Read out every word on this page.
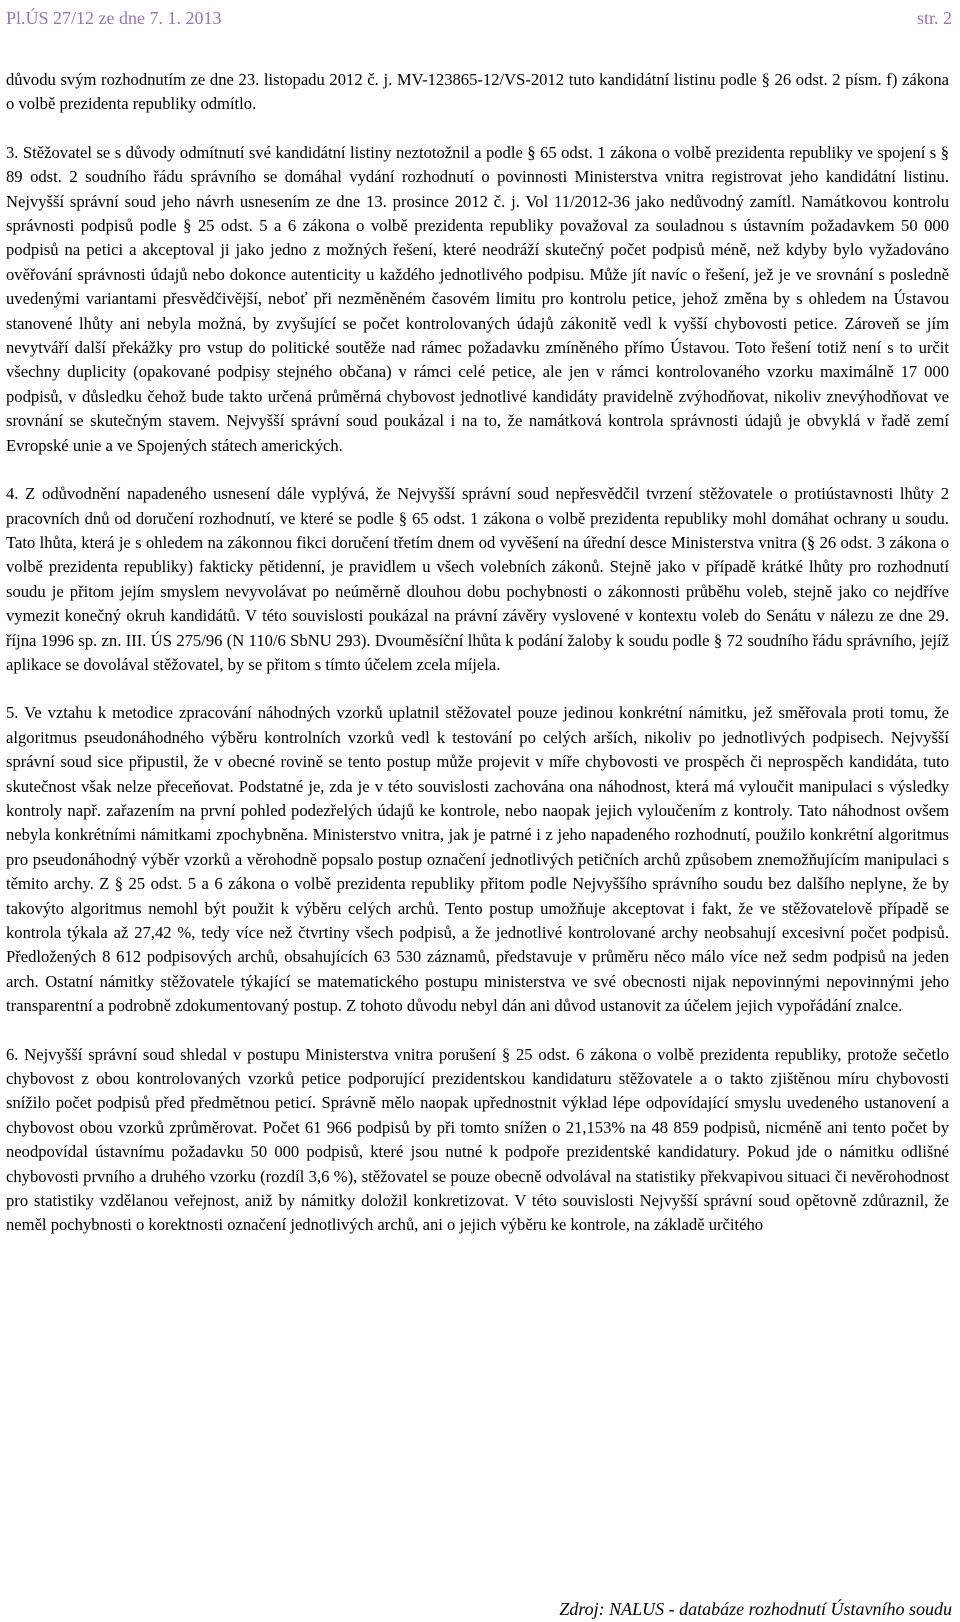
Pl.ÚS 27/12 ze dne 7. 1. 2013	str. 2

důvodu svým rozhodnutím ze dne 23. listopadu 2012 č. j. MV-123865-12/VS-2012 tuto kandidátní listinu podle § 26 odst. 2 písm. f) zákona o volbě prezidenta republiky odmítlo.

3. Stěžovatel se s důvody odmítnutí své kandidátní listiny neztotožnil a podle § 65 odst. 1 zákona o volbě prezidenta republiky ve spojení s § 89 odst. 2 soudního řádu správního se domáhal vydání rozhodnutí o povinnosti Ministerstva vnitra registrovat jeho kandidátní listinu. Nejvyšší správní soud jeho návrh usnesením ze dne 13. prosince 2012 č. j. Vol 11/2012-36 jako nedůvodný zamítl. Namátkovou kontrolu správnosti podpisů podle § 25 odst. 5 a 6 zákona o volbě prezidenta republiky považoval za souladnou s ústavním požadavkem 50 000 podpisů na petici a akceptoval ji jako jedno z možných řešení, které neodráží skutečný počet podpisů méně, než kdyby bylo vyžadováno ověřování správnosti údajů nebo dokonce autenticity u každého jednotlivého podpisu. Může jít navíc o řešení, jež je ve srovnání s posledně uvedenými variantami přesvědčivější, neboť při nezměněném časovém limitu pro kontrolu petice, jehož změna by s ohledem na Ústavou stanovené lhůty ani nebyla možná, by zvyšující se počet kontrolovaných údajů zákonitě vedl k vyšší chybovosti petice. Zároveň se jím nevytváří další překážky pro vstup do politické soutěže nad rámec požadavku zmíněného přímo Ústavou. Toto řešení totiž není s to určit všechny duplicity (opakované podpisy stejného občana) v rámci celé petice, ale jen v rámci kontrolovaného vzorku maximálně 17 000 podpisů, v důsledku čehož bude takto určená průměrná chybovost jednotlivé kandidáty pravidelně zvýhodňovat, nikoliv znevýhodňovat ve srovnání se skutečným stavem. Nejvyšší správní soud poukázal i na to, že namátková kontrola správnosti údajů je obvyklá v řadě zemí Evropské unie a ve Spojených státech amerických.

4. Z odůvodnění napadeného usnesení dále vyplývá, že Nejvyšší správní soud nepřesvědčil tvrzení stěžovatele o protiústavnosti lhůty 2 pracovních dnů od doručení rozhodnutí, ve které se podle § 65 odst. 1 zákona o volbě prezidenta republiky mohl domáhat ochrany u soudu. Tato lhůta, která je s ohledem na zákonnou fikci doručení třetím dnem od vyvěšení na úřední desce Ministerstva vnitra (§ 26 odst. 3 zákona o volbě prezidenta republiky) fakticky pětidenní, je pravidlem u všech volebních zákonů. Stejně jako v případě krátké lhůty pro rozhodnutí soudu je přitom jejím smyslem nevyvolávat po neúměrně dlouhou dobu pochybnosti o zákonnosti průběhu voleb, stejně jako co nejdříve vymezit konečný okruh kandidátů. V této souvislosti poukázal na právní závěry vyslovené v kontextu voleb do Senátu v nálezu ze dne 29. října 1996 sp. zn. III. ÚS 275/96 (N 110/6 SbNU 293). Dvouměsíční lhůta k podání žaloby k soudu podle § 72 soudního řádu správního, jejíž aplikace se dovolával stěžovatel, by se přitom s tímto účelem zcela míjela.

5. Ve vztahu k metodice zpracování náhodných vzorků uplatnil stěžovatel pouze jedinou konkrétní námitku, jež směřovala proti tomu, že algoritmus pseudonáhodného výběru kontrolních vzorků vedl k testování po celých arších, nikoliv po jednotlivých podpisech. Nejvyšší správní soud sice připustil, že v obecné rovině se tento postup může projevit v míře chybovosti ve prospěch či neprospěch kandidáta, tuto skutečnost však nelze přeceňovat. Podstatné je, zda je v této souvislosti zachována ona náhodnost, která má vyloučit manipulaci s výsledky kontroly např. zařazením na první pohled podezřelých údajů ke kontrole, nebo naopak jejich vyloučením z kontroly. Tato náhodnost ovšem nebyla konkrétními námitkami zpochybněna. Ministerstvo vnitra, jak je patrné i z jeho napadeného rozhodnutí, použilo konkrétní algoritmus pro pseudonáhodný výběr vzorků a věrohodně popsalo postup označení jednotlivých petičních archů způsobem znemožňujícím manipulaci s těmito archy. Z § 25 odst. 5 a 6 zákona o volbě prezidenta republiky přitom podle Nejvyššího správního soudu bez dalšího neplyne, že by takovýto algoritmus nemohl být použit k výběru celých archů. Tento postup umožňuje akceptovat i fakt, že ve stěžovatelově případě se kontrola týkala až 27,42 %, tedy více než čtvrtiny všech podpisů, a že jednotlivé kontrolované archy neobsahují excesivní počet podpisů. Předložených 8 612 podpisových archů, obsahujících 63 530 záznamů, představuje v průměru něco málo více než sedm podpisů na jeden arch. Ostatní námitky stěžovatele týkající se matematického postupu ministerstva ve své obecnosti nijak nepovinnými nepovinnými jeho transparentní a podrobně zdokumentovaný postup. Z tohoto důvodu nebyl dán ani důvod ustanovit za účelem jejich vypořádání znalce.

6. Nejvyšší správní soud shledal v postupu Ministerstva vnitra porušení § 25 odst. 6 zákona o volbě prezidenta republiky, protože sečetlo chybovost z obou kontrolovaných vzorků petice podporující prezidentskou kandidaturu stěžovatele a o takto zjištěnou míru chybovosti snížilo počet podpisů před předmětnou peticí. Správně mělo naopak upřednostnit výklad lépe odpovídající smyslu uvedeného ustanovení a chybovost obou vzorků zprůměrovat. Počet 61 966 podpisů by při tomto snížen o 21,153% na 48 859 podpisů, nicméně ani tento počet by neodpovídal ústavnímu požadavku 50 000 podpisů, které jsou nutné k podpoře prezidentské kandidatury. Pokud jde o námitku odlišné chybovosti prvního a druhého vzorku (rozdíl 3,6 %), stěžovatel se pouze obecně odvolával na statistiky překvapivou situaci či nevěrohodnost pro statistiky vzdělanou veřejnost, aniž by námitky doložil konkretizovat. V této souvislosti Nejvyšší správní soud opětovně zdůraznil, že neměl pochybnosti o korektnosti označení jednotlivých archů, ani o jejich výběru ke kontrole, na základě určitého

Zdroj: NALUS - databáze rozhodnutí Ústavního soudu
